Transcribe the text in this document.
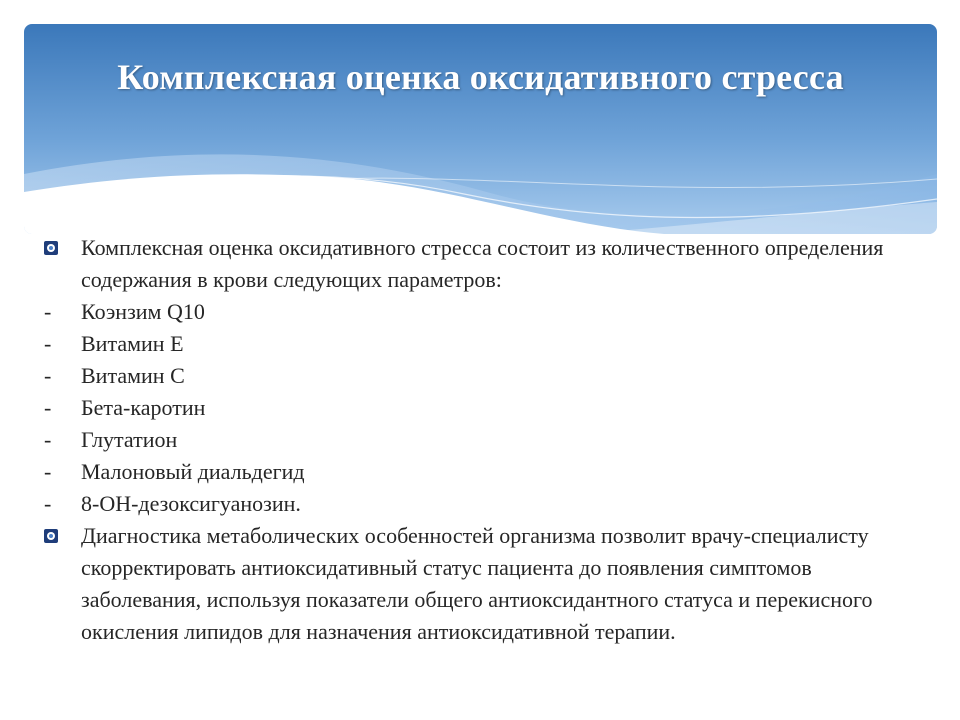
Комплексная оценка оксидативного стресса

Комплексная оценка оксидативного стресса состоит из количественного определения содержания в крови следующих параметров:

- Коэнзим Q10

- Витамин Е

- Витамин С

- Бета-каротин

- Глутатион

- Малоновый диальдегид

- 8-ОН-дезоксигуанозин.

Диагностика метаболических особенностей организма позволит врачу-специалисту скорректировать антиоксидативный статус пациента до появления симптомов заболевания, используя показатели общего антиоксидантного статуса и перекисного окисления липидов для назначения антиоксидативной терапии.
